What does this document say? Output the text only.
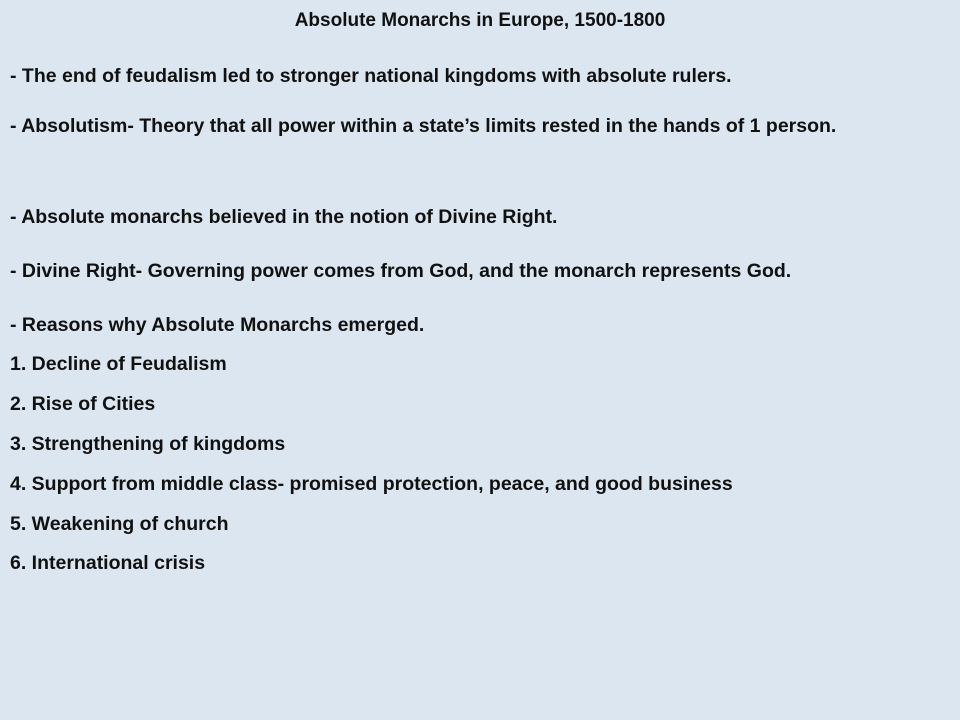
Absolute Monarchs in Europe, 1500-1800
- The end of feudalism led to stronger national kingdoms with absolute rulers.
- Absolutism- Theory that all power within a state’s limits rested in the hands of 1 person.
- Absolute monarchs believed in the notion of Divine Right.
- Divine Right- Governing power comes from God, and the monarch represents God.
- Reasons why Absolute Monarchs emerged.
1. Decline of Feudalism
2. Rise of Cities
3. Strengthening of kingdoms
4. Support from middle class- promised protection, peace, and good business
5. Weakening of church
6. International crisis
